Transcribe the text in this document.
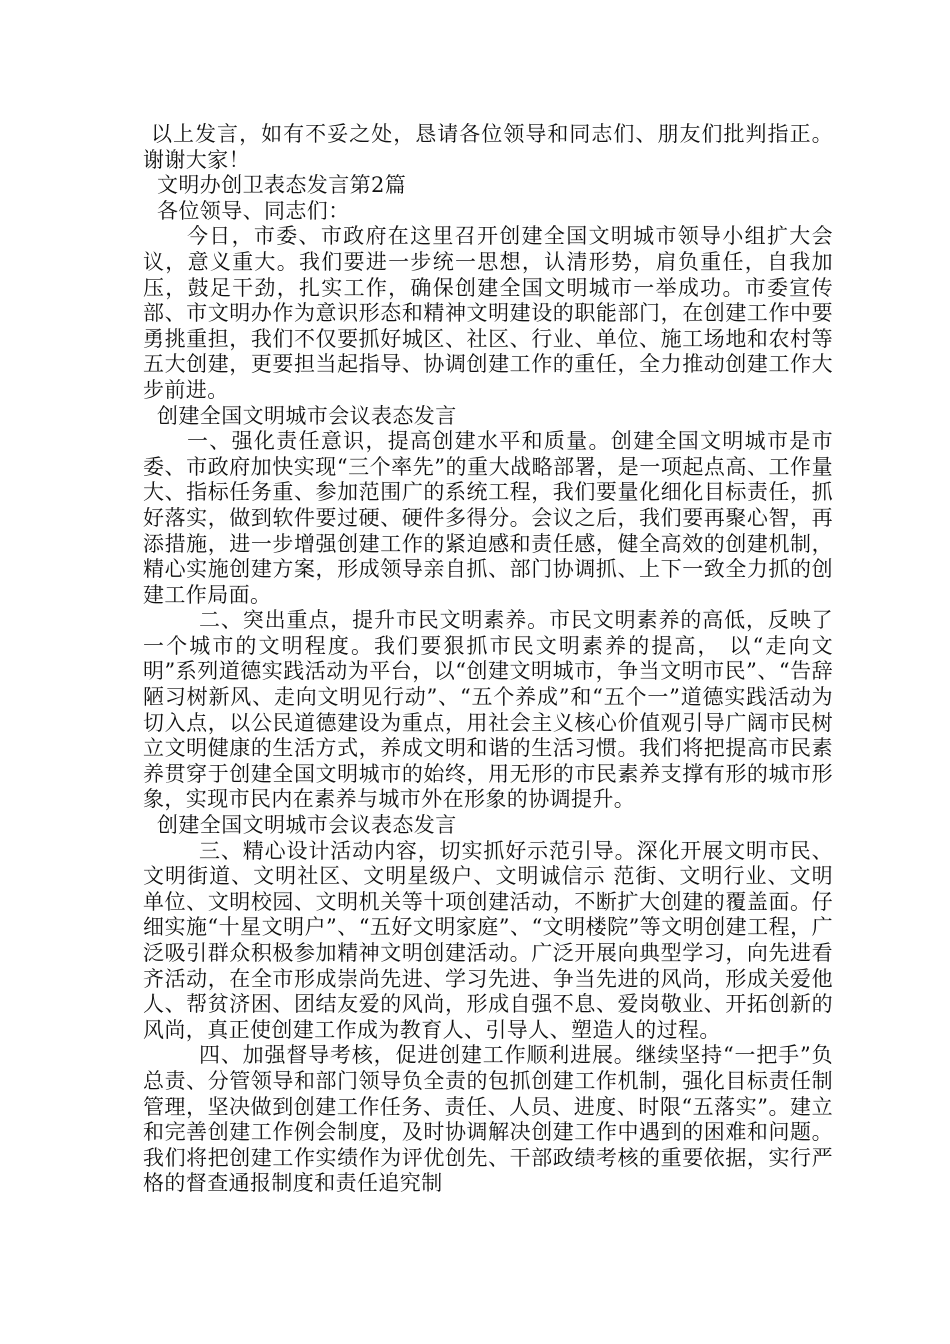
以上发言，如有不妥之处，恳请各位领导和同志们、朋友们批判指正。谢谢大家！

文明办创卫表态发言第2篇

各位领导、同志们：

今日，市委、市政府在这里召开创建全国文明城市领导小组扩大会议，意义重大。我们要进一步统一思想，认清形势，肩负重任，自我加压，鼓足干劲，扎实工作，确保创建全国文明城市一举成功。市委宣传部、市文明办作为意识形态和精神文明建设的职能部门，在创建工作中要勇挑重担，我们不仅要抓好城区、社区、行业、单位、施工场地和农村等五大创建，更要担当起指导、协调创建工作的重任，全力推动创建工作大步前进。

创建全国文明城市会议表态发言

一、强化责任意识，提高创建水平和质量。创建全国文明城市是市委、市政府加快实现“三个率先”的重大战略部署，是一项起点高、工作量大、指标任务重、参加范围广的系统工程，我们要量化细化目标责任，抓好落实，做到软件要过硬、硬件多得分。会议之后，我们要再聚心智，再添措施，进一步增强创建工作的紧迫感和责任感，健全高效的创建机制，精心实施创建方案，形成领导亲自抓、部门协调抓、上下一致全力抓的创建工作局面。

二、突出重点，提升市民文明素养。市民文明素养的高低，反映了一个城市的文明程度。我们要狠抓市民文明素养的提高， 以“走向文明”系列道德实践活动为平台，以“创建文明城市，争当文明市民”、“告辞陋习树新风、走向文明见行动”、“五个养成”和“五个一”道德实践活动为切入点，以公民道德建设为重点，用社会主义核心价值观引导广阔市民树立文明健康的生活方式，养成文明和谐的生活习惯。我们将把提高市民素养贯穿于创建全国文明城市的始终，用无形的市民素养支撑有形的城市形象，实现市民内在素养与城市外在形象的协调提升。

创建全国文明城市会议表态发言

三、精心设计活动内容，切实抓好示范引导。深化开展文明市民、文明街道、文明社区、文明星级户、文明诚信示 范街、文明行业、文明单位、文明校园、文明机关等十项创建活动，不断扩大创建的覆盖面。仔细实施“十星文明户”、“五好文明家庭”、“文明楼院”等文明创建工程，广泛吸引群众积极参加精神文明创建活动。广泛开展向典型学习，向先进看齐活动，在全市形成崇尚先进、学习先进、争当先进的风尚，形成关爱他人、帮贫济困、团结友爱的风尚，形成自强不息、爱岗敬业、开拓创新的风尚，真正使创建工作成为教育人、引导人、塑造人的过程。

四、加强督导考核，促进创建工作顺利进展。继续坚持“一把手”负总责、分管领导和部门领导负全责的包抓创建工作机制，强化目标责任制管理，坚决做到创建工作任务、责任、人员、进度、时限“五落实”。建立和完善创建工作例会制度，及时协调解决创建工作中遇到的困难和问题。我们将把创建工作实绩作为评优创先、干部政绩考核的重要依据，实行严格的督查通报制度和责任追究制
